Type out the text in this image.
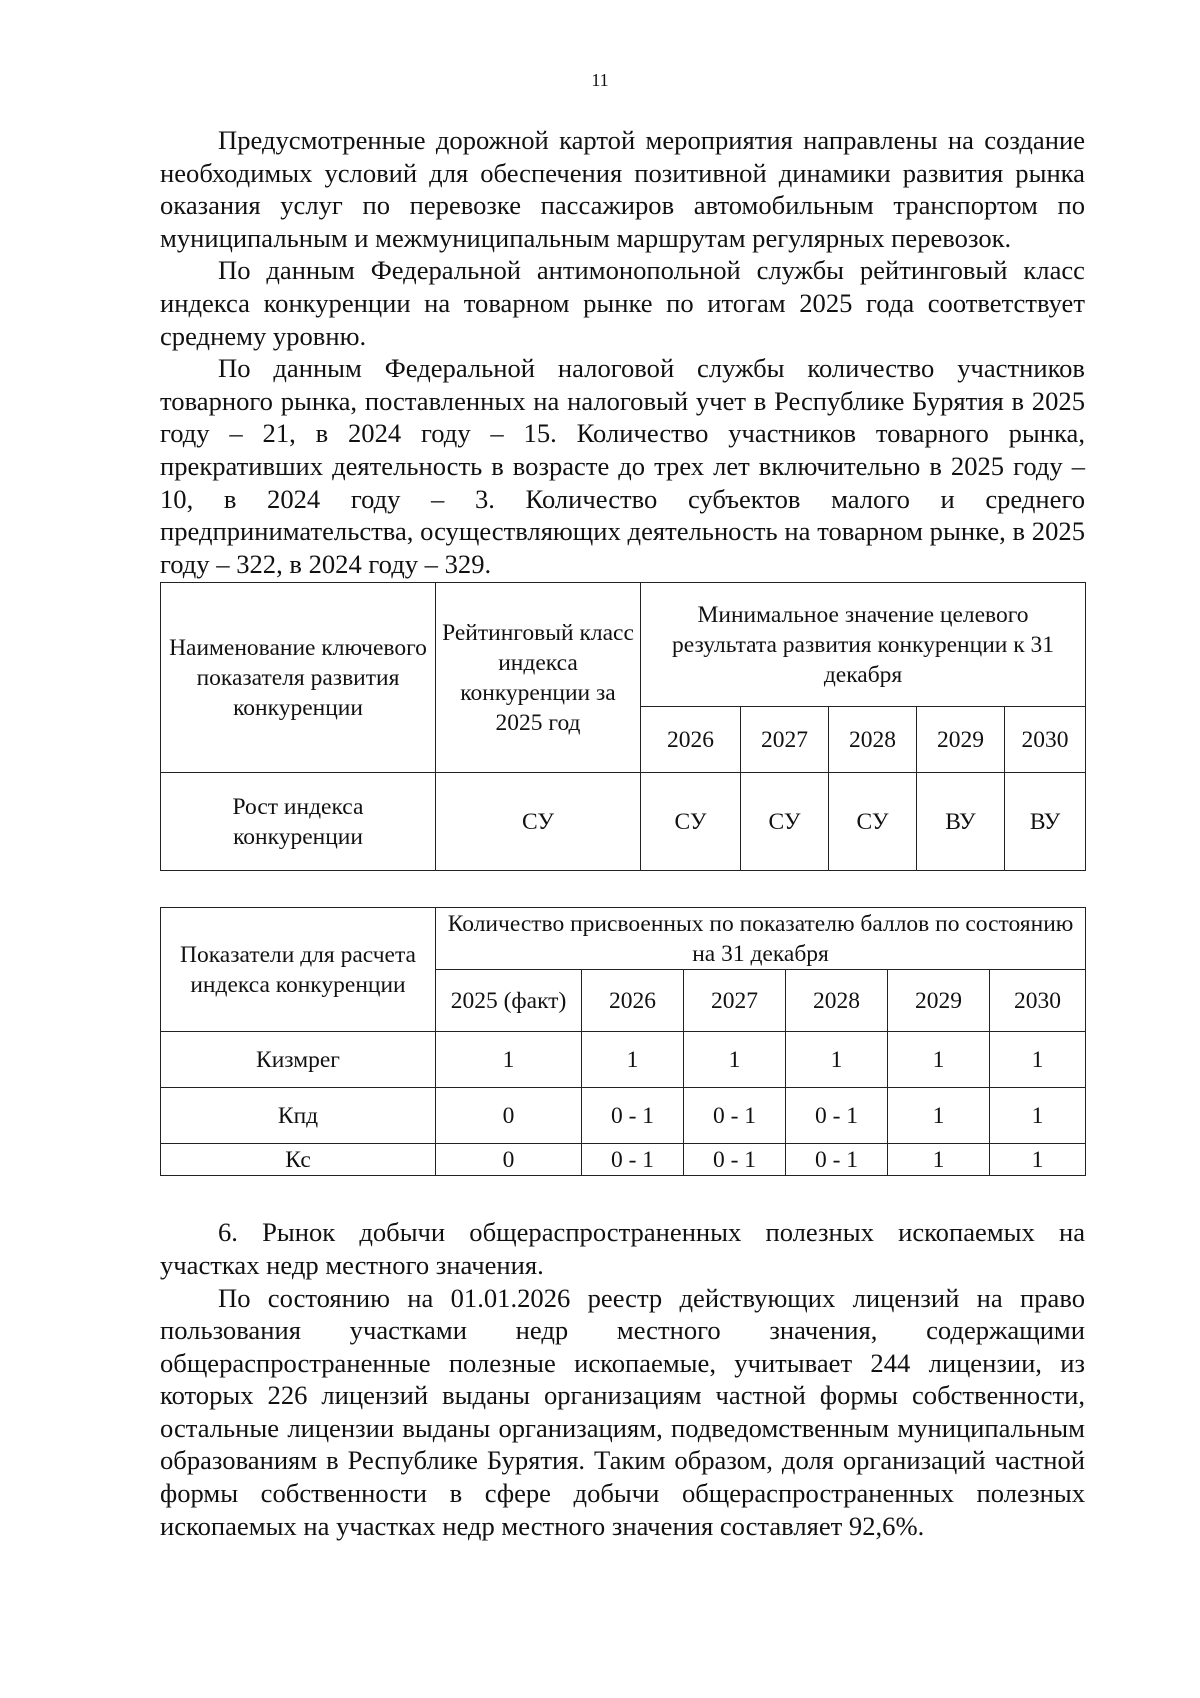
11

Предусмотренные дорожной картой мероприятия направлены на создание необходимых условий для обеспечения позитивной динамики развития рынка оказания услуг по перевозке пассажиров автомобильным транспортом по муниципальным и межмуниципальным маршрутам регулярных перевозок.

По данным Федеральной антимонопольной службы рейтинговый класс индекса конкуренции на товарном рынке по итогам 2025 года соответствует среднему уровню.

По данным Федеральной налоговой службы количество участников товарного рынка, поставленных на налоговый учет в Республике Бурятия в 2025 году – 21, в 2024 году – 15. Количество участников товарного рынка, прекративших деятельность в возрасте до трех лет включительно в 2025 году – 10, в 2024 году – 3. Количество субъектов малого и среднего предпринимательства, осуществляющих деятельность на товарном рынке, в 2025 году – 322, в 2024 году – 329.

Наименование ключевого показателя развития конкуренции	Рейтинговый класс индекса конкуренции за 2025 год	Минимальное значение целевого результата развития конкуренции к 31 декабря				
		2026	2027	2028	2029	2030
Рост индекса конкуренции	СУ	СУ	СУ	СУ	ВУ	ВУ
Показатели для расчета индекса конкуренции	Количество присвоенных по показателю баллов по состоянию на 31 декабря					
	2025 (факт)	2026	2027	2028	2029	2030
Кизмрег	1	1	1	1	1	1
Кпд	0	0 - 1	0 - 1	0 - 1	1	1
Кс	0	0 - 1	0 - 1	0 - 1	1	1

6. Рынок добычи общераспространенных полезных ископаемых на участках недр местного значения.

По состоянию на 01.01.2026 реестр действующих лицензий на право пользования участками недр местного значения, содержащими общераспространенные полезные ископаемые, учитывает 244 лицензии, из которых 226 лицензий выданы организациям частной формы собственности, остальные лицензии выданы организациям, подведомственным муниципальным образованиям в Республике Бурятия. Таким образом, доля организаций частной формы собственности в сфере добычи общераспространенных полезных ископаемых на участках недр местного значения составляет 92,6%.
